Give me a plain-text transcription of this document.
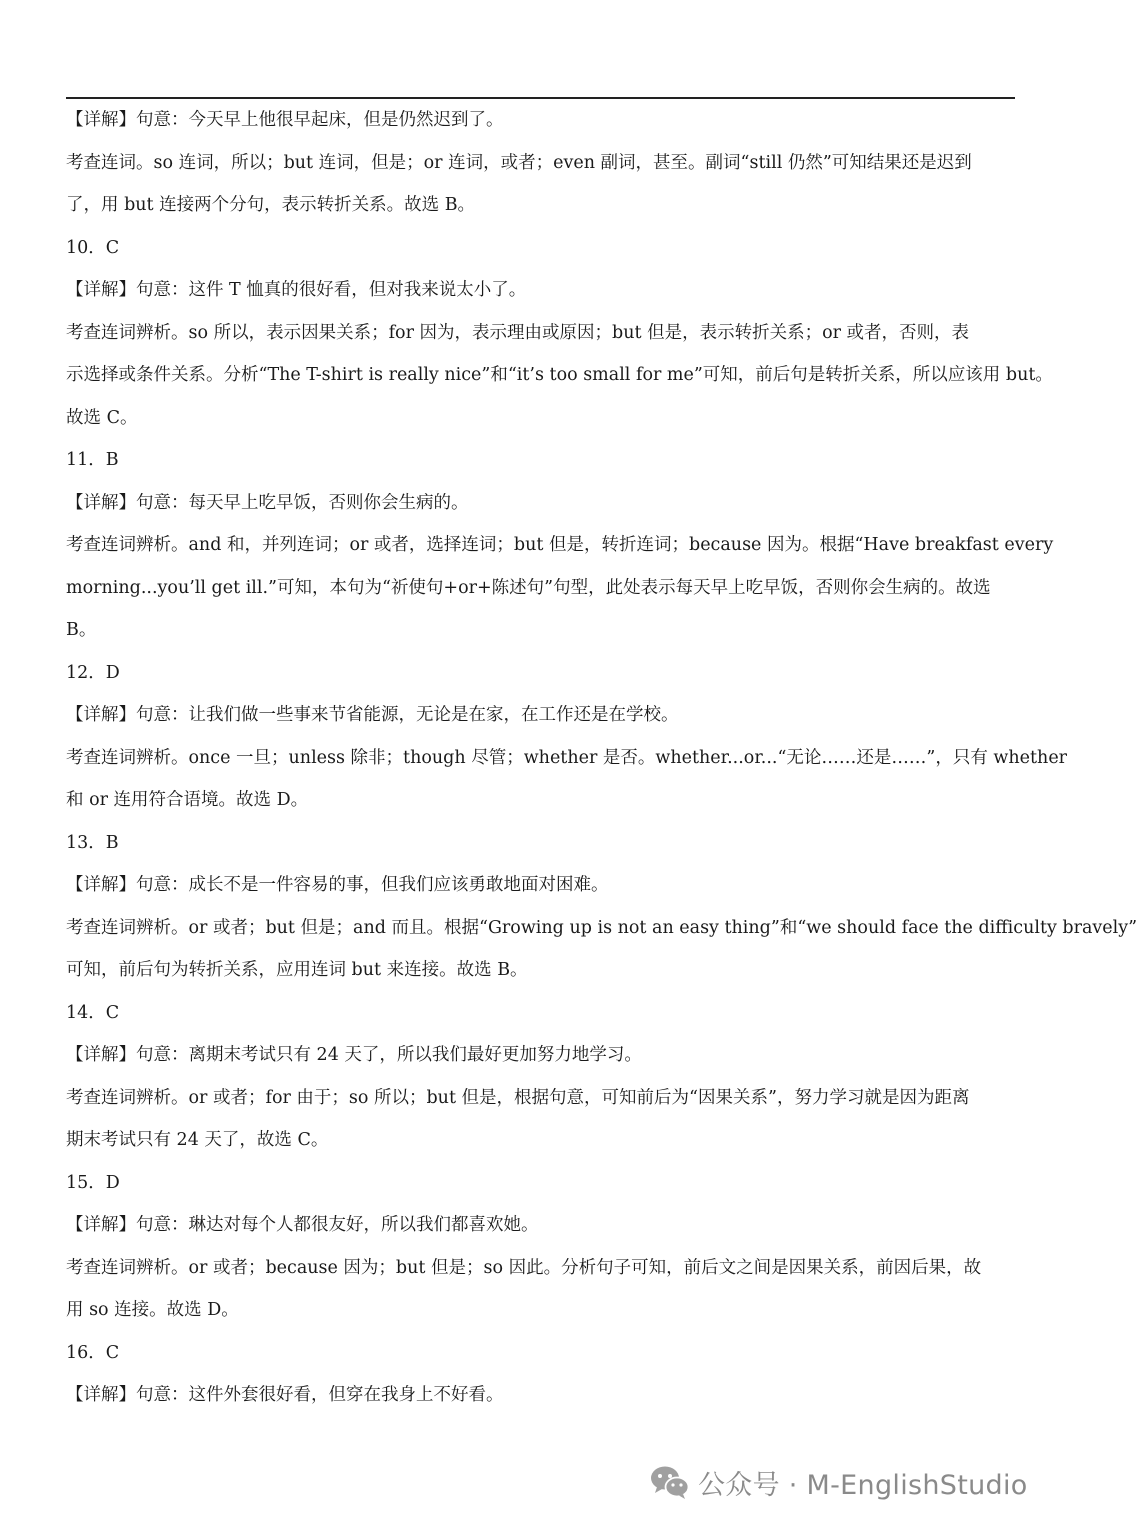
【详解】句意：今天早上他很早起床，但是仍然迟到了。
考查连词。so 连词，所以；but 连词，但是；or 连词，或者；even 副词，甚至。副词“still 仍然”可知结果还是迟到
了，用 but 连接两个分句，表示转折关系。故选 B。
10．C
【详解】句意：这件 T 恤真的很好看，但对我来说太小了。
考查连词辨析。so 所以，表示因果关系；for 因为，表示理由或原因；but 但是，表示转折关系；or 或者，否则，表
示选择或条件关系。分析“The T-shirt is really nice”和“it’s too small for me”可知，前后句是转折关系，所以应该用 but。
故选 C。
11．B
【详解】句意：每天早上吃早饭，否则你会生病的。
考查连词辨析。and 和，并列连词；or 或者，选择连词；but 但是，转折连词；because 因为。根据“Have breakfast every
morning...you’ll get ill.”可知，本句为“祈使句+or+陈述句”句型，此处表示每天早上吃早饭，否则你会生病的。故选
B。
12．D
【详解】句意：让我们做一些事来节省能源，无论是在家，在工作还是在学校。
考查连词辨析。once 一旦；unless 除非；though 尽管；whether 是否。whether...or...“无论……还是……”，只有 whether
和 or 连用符合语境。故选 D。
13．B
【详解】句意：成长不是一件容易的事，但我们应该勇敢地面对困难。
考查连词辨析。or 或者；but 但是；and 而且。根据“Growing up is not an easy thing”和“we should face the difficulty bravely”
可知，前后句为转折关系，应用连词 but 来连接。故选 B。
14．C
【详解】句意：离期末考试只有 24 天了，所以我们最好更加努力地学习。
考查连词辨析。or 或者；for 由于；so 所以；but 但是，根据句意，可知前后为“因果关系”，努力学习就是因为距离
期末考试只有 24 天了，故选 C。
15．D
【详解】句意：琳达对每个人都很友好，所以我们都喜欢她。
考查连词辨析。or 或者；because 因为；but 但是；so 因此。分析句子可知，前后文之间是因果关系，前因后果，故
用 so 连接。故选 D。
16．C
【详解】句意：这件外套很好看，但穿在我身上不好看。
公众号 · M-EnglishStudio
